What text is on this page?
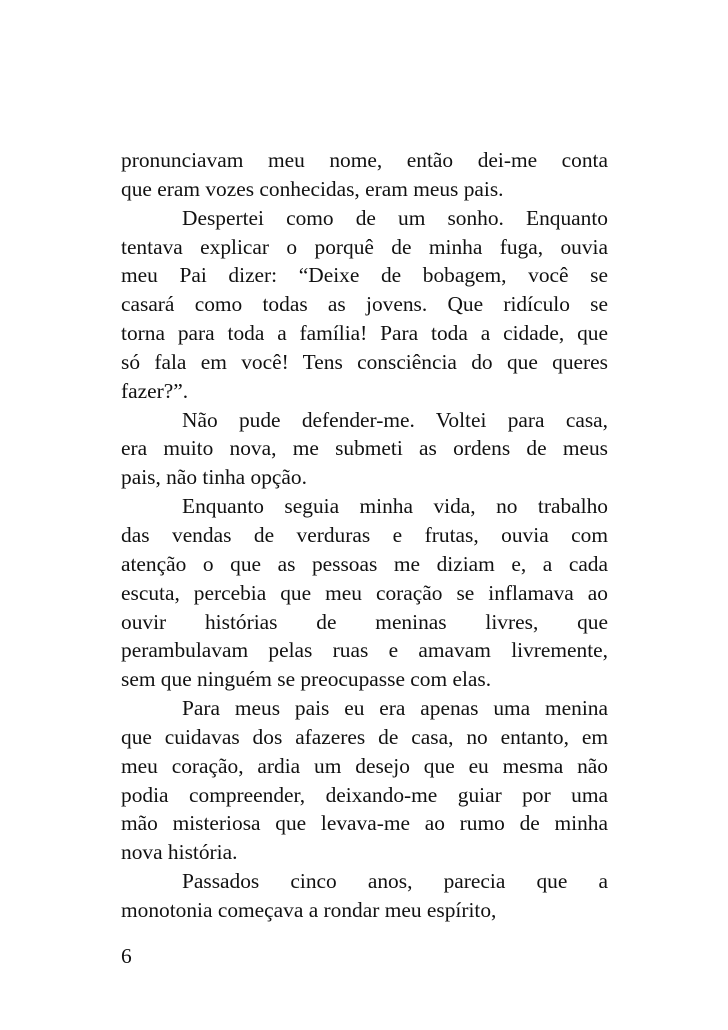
pronunciavam meu nome, então dei-me conta
que eram vozes conhecidas, eram meus pais.
Despertei como de um sonho. Enquanto
tentava explicar o porquê de minha fuga, ouvia
meu Pai dizer: “Deixe de bobagem, você se
casará como todas as jovens. Que ridículo se
torna para toda a família! Para toda a cidade, que
só fala em você! Tens consciência do que queres
fazer?”.
Não pude defender-me. Voltei para casa,
era muito nova, me submeti as ordens de meus
pais, não tinha opção.
Enquanto seguia minha vida, no trabalho
das vendas de verduras e frutas, ouvia com
atenção o que as pessoas me diziam e, a cada
escuta, percebia que meu coração se inflamava ao
ouvir histórias de meninas livres, que
perambulavam pelas ruas e amavam livremente,
sem que ninguém se preocupasse com elas.
Para meus pais eu era apenas uma menina
que cuidavas dos afazeres de casa, no entanto, em
meu coração, ardia um desejo que eu mesma não
podia compreender, deixando-me guiar por uma
mão misteriosa que levava-me ao rumo de minha
nova história.
Passados cinco anos, parecia que a
monotonia começava a rondar meu espírito,
6
